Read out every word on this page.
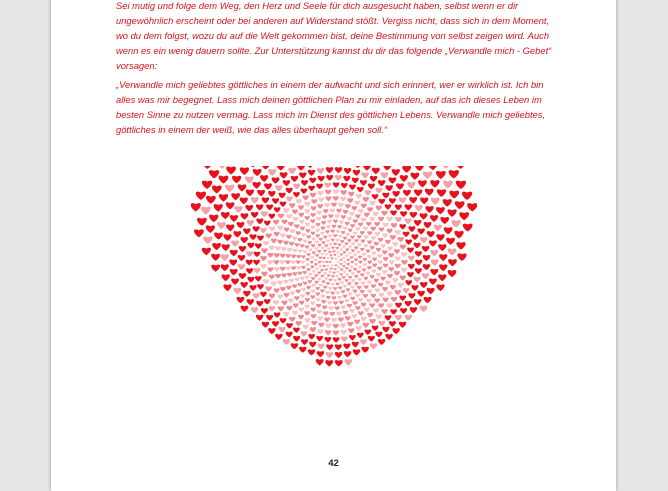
Sei mutig und folge dem Weg, den Herz und Seele für dich ausgesucht haben, selbst wenn er dir ungewöhnlich erscheint oder bei anderen auf Widerstand stößt. Vergiss nicht, dass sich in dem Moment, wo du dem folgst, wozu du auf die Welt gekommen bist, deine Bestimmung von selbst zeigen wird. Auch wenn es ein wenig dauern sollte. Zur Unterstützung kannst du dir das folgende „Verwandle mich - Gebet“ vorsagen:

„Verwandle mich geliebtes göttliches in einem der aufwacht und sich erinnert, wer er wirklich ist. Ich bin alles was mir begegnet. Lass mich deinen göttlichen Plan zu mir einladen, auf das ich dieses Leben im besten Sinne zu nutzen vermag. Lass mich im Dienst des göttlichen Lebens. Verwandle mich geliebtes, göttliches in einem der weiß, wie das alles überhaupt gehen soll.“

42
